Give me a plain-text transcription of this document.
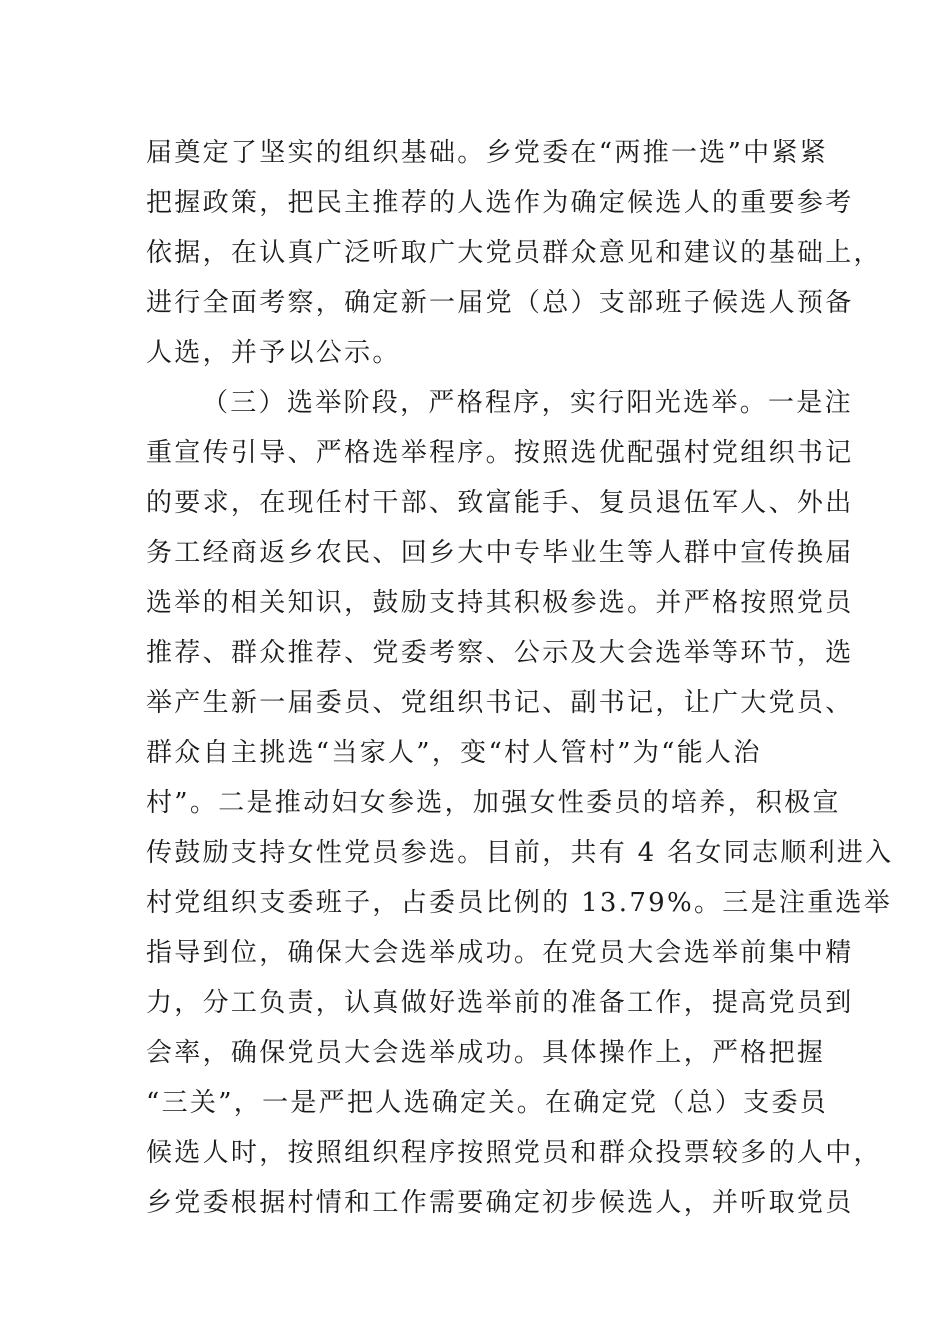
届奠定了坚实的组织基础。乡党委在“两推一选”中紧紧
把握政策，把民主推荐的人选作为确定候选人的重要参考
依据，在认真广泛听取广大党员群众意见和建议的基础上，
进行全面考察，确定新一届党（总）支部班子候选人预备
人选，并予以公示。
（三）选举阶段，严格程序，实行阳光选举。一是注
重宣传引导、严格选举程序。按照选优配强村党组织书记
的要求，在现任村干部、致富能手、复员退伍军人、外出
务工经商返乡农民、回乡大中专毕业生等人群中宣传换届
选举的相关知识，鼓励支持其积极参选。并严格按照党员
推荐、群众推荐、党委考察、公示及大会选举等环节，选
举产生新一届委员、党组织书记、副书记，让广大党员、
群众自主挑选“当家人”，变“村人管村”为“能人治
村”。二是推动妇女参选，加强女性委员的培养，积极宣
传鼓励支持女性党员参选。目前，共有 4 名女同志顺利进入
村党组织支委班子，占委员比例的 13.79%。三是注重选举
指导到位，确保大会选举成功。在党员大会选举前集中精
力，分工负责，认真做好选举前的准备工作，提高党员到
会率，确保党员大会选举成功。具体操作上，严格把握
“三关”，一是严把人选确定关。在确定党（总）支委员
候选人时，按照组织程序按照党员和群众投票较多的人中，
乡党委根据村情和工作需要确定初步候选人，并听取党员
